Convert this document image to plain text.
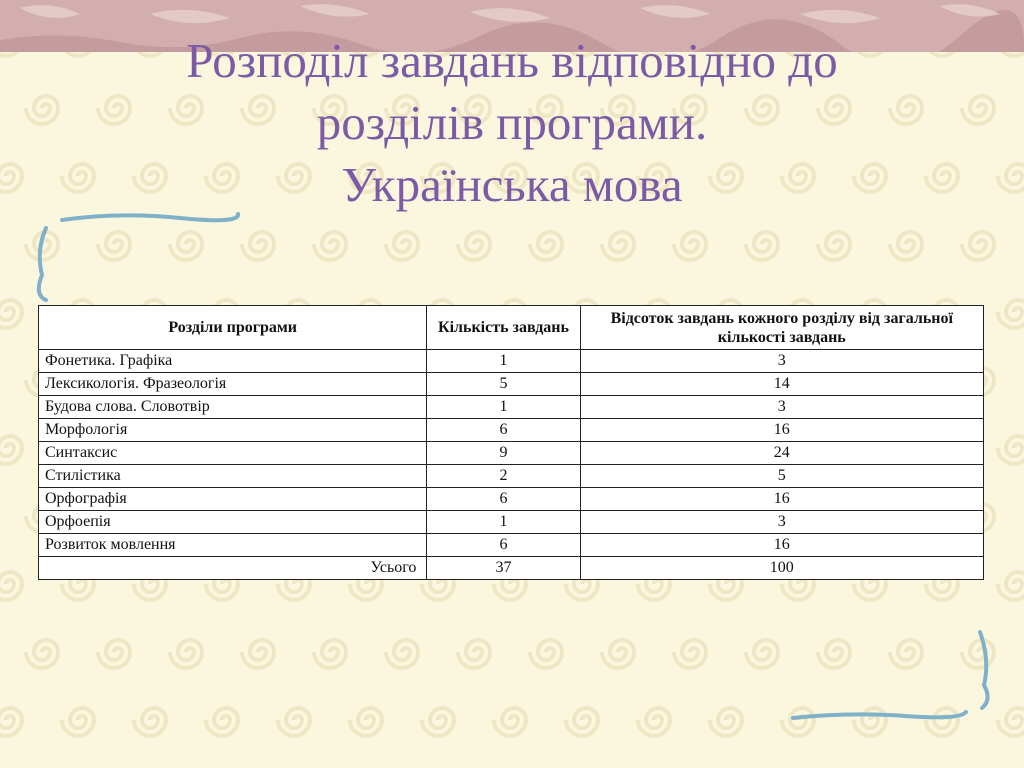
Розподіл завдань відповідно до
розділів програми.
Українська мова
Розділи програми	Кількість завдань	Відсоток завдань кожного розділу від загальної кількості завдань
Фонетика. Графіка	1	3
Лексикологія. Фразеологія	5	14
Будова слова. Словотвір	1	3
Морфологія	6	16
Синтаксис	9	24
Стилістика	2	5
Орфографія	6	16
Орфоепія	1	3
Розвиток мовлення	6	16
Усього	37	100
